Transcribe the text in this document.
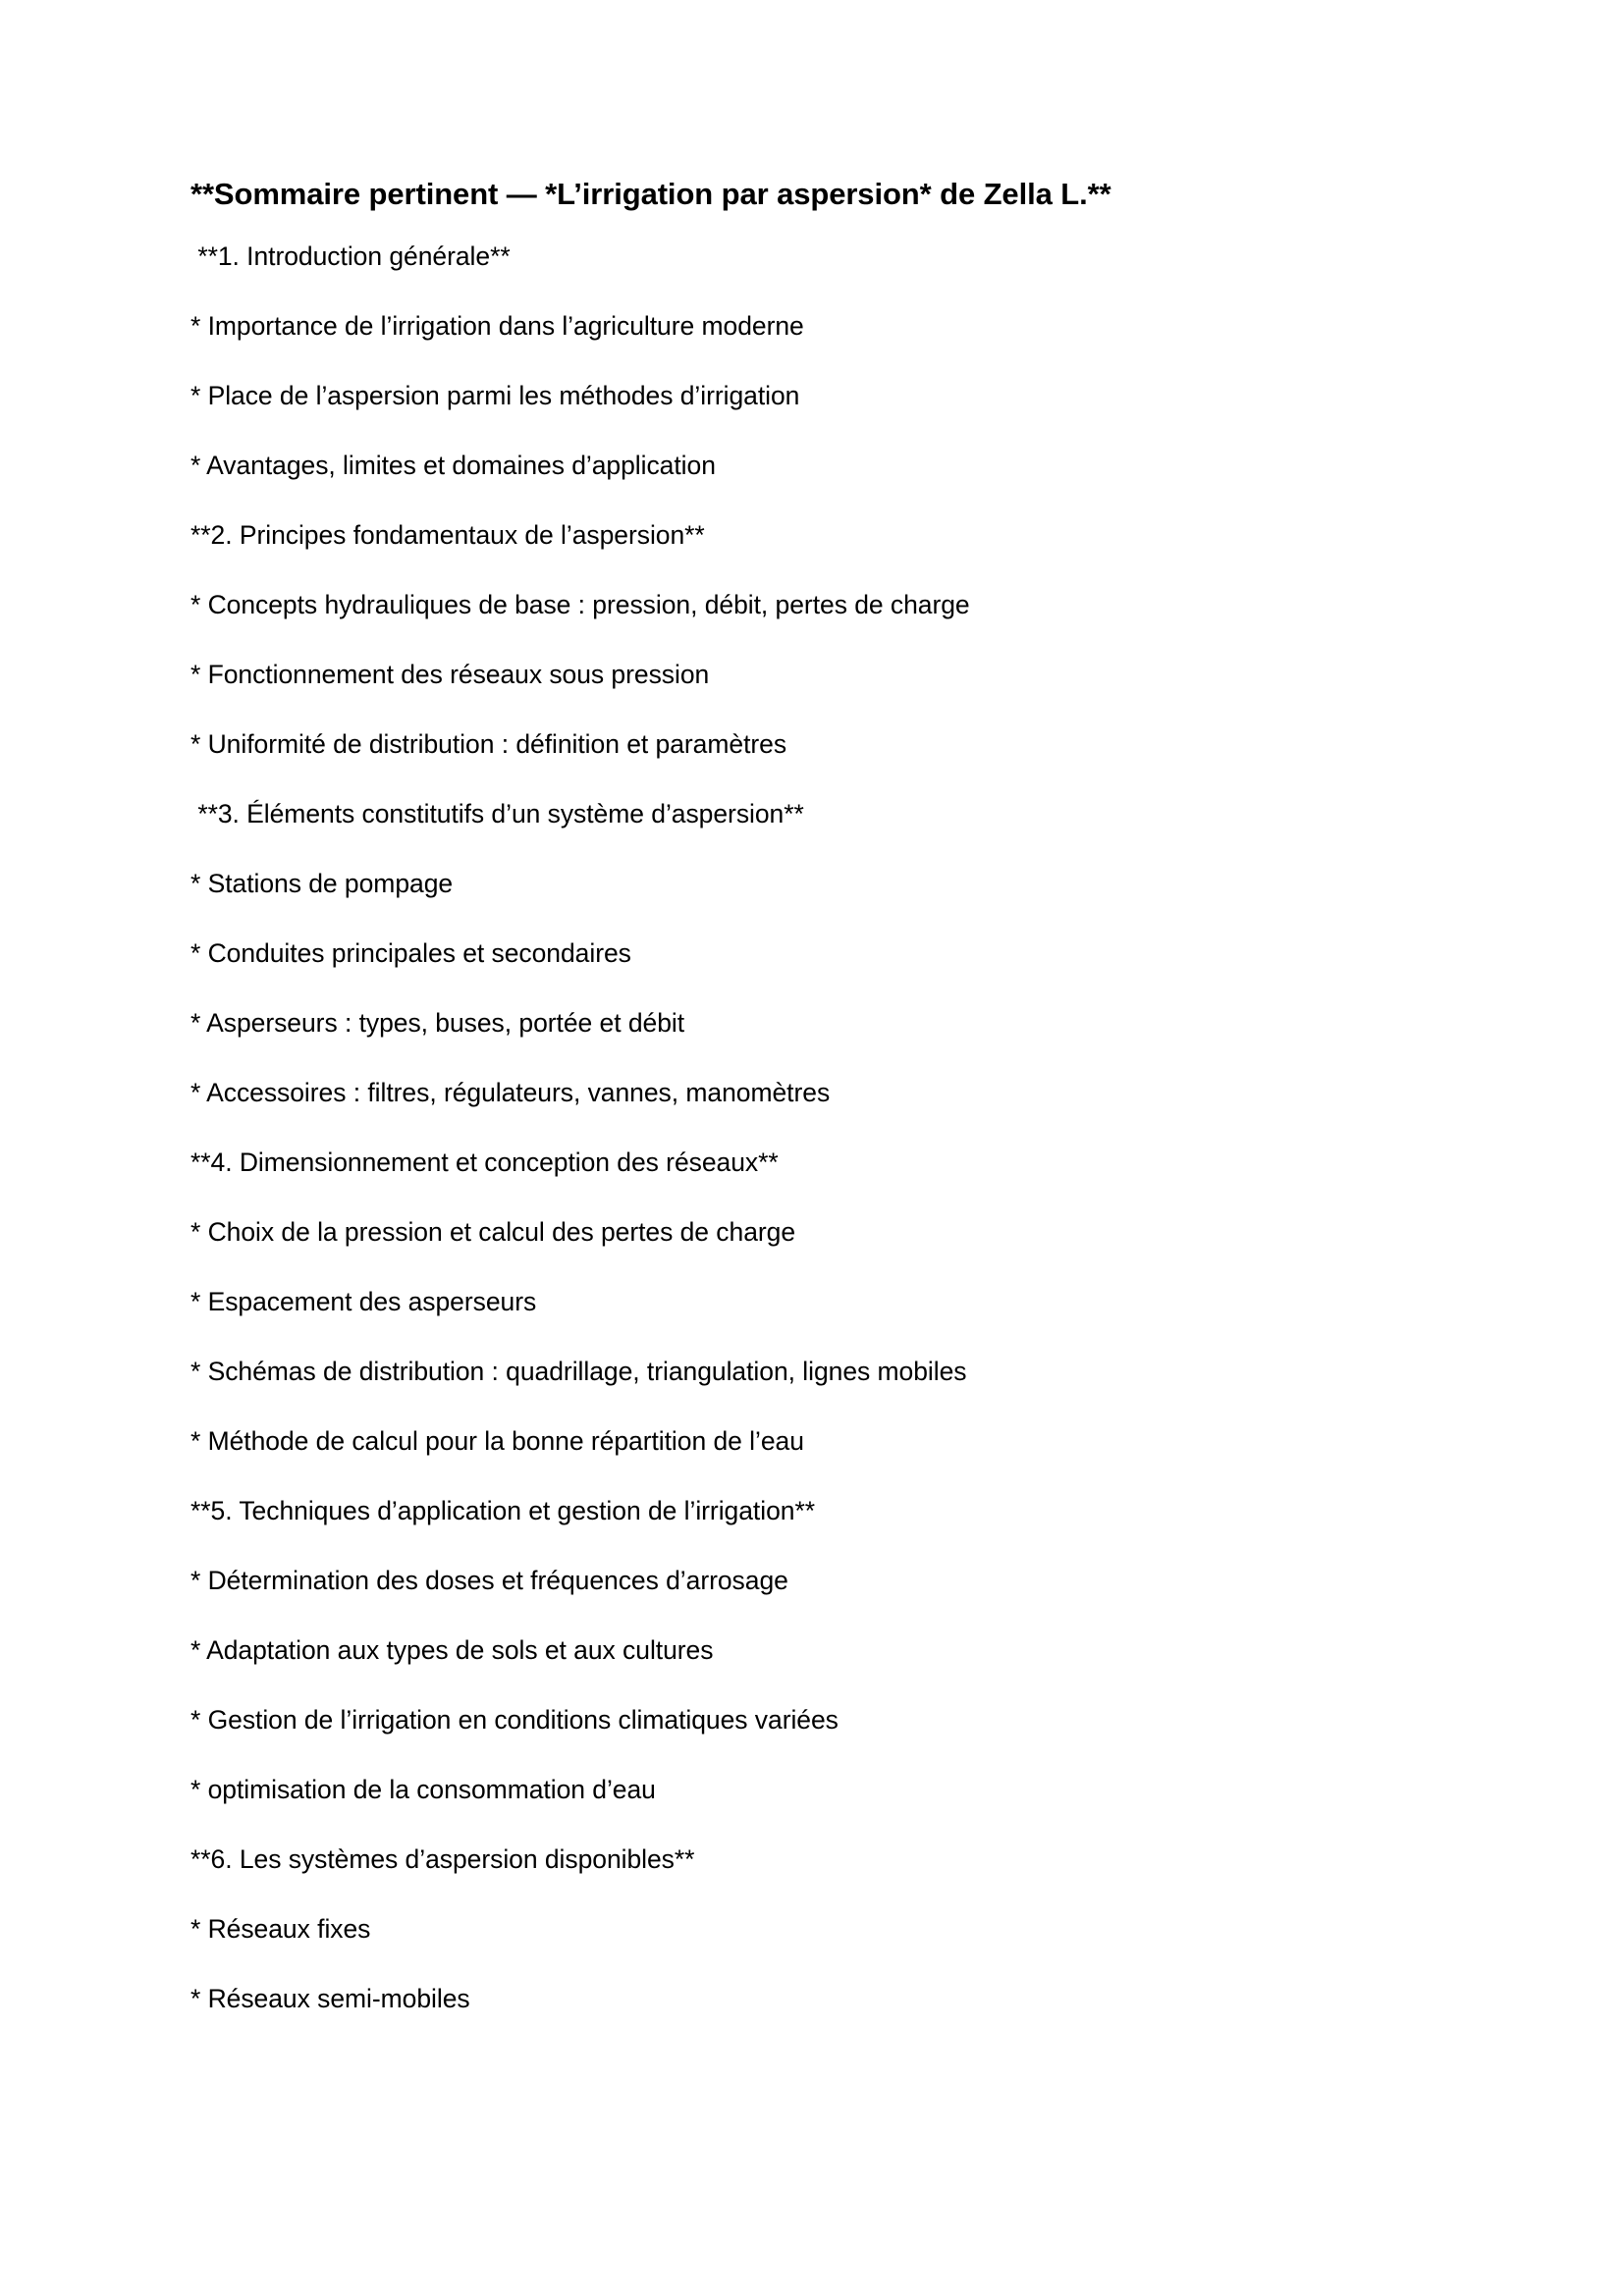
**Sommaire pertinent — *L’irrigation par aspersion* de Zella L.**

**1. Introduction générale**

* Importance de l’irrigation dans l’agriculture moderne

* Place de l’aspersion parmi les méthodes d’irrigation

* Avantages, limites et domaines d’application

**2. Principes fondamentaux de l’aspersion**

* Concepts hydrauliques de base : pression, débit, pertes de charge

* Fonctionnement des réseaux sous pression

* Uniformité de distribution : définition et paramètres

**3. Éléments constitutifs d’un système d’aspersion**

* Stations de pompage

* Conduites principales et secondaires

* Asperseurs : types, buses, portée et débit

* Accessoires : filtres, régulateurs, vannes, manomètres

**4. Dimensionnement et conception des réseaux**

* Choix de la pression et calcul des pertes de charge

* Espacement des asperseurs

* Schémas de distribution : quadrillage, triangulation, lignes mobiles

* Méthode de calcul pour la bonne répartition de l’eau

**5. Techniques d’application et gestion de l’irrigation**

* Détermination des doses et fréquences d’arrosage

* Adaptation aux types de sols et aux cultures

* Gestion de l’irrigation en conditions climatiques variées

* optimisation de la consommation d’eau

**6. Les systèmes d’aspersion disponibles**

* Réseaux fixes

* Réseaux semi-mobiles
